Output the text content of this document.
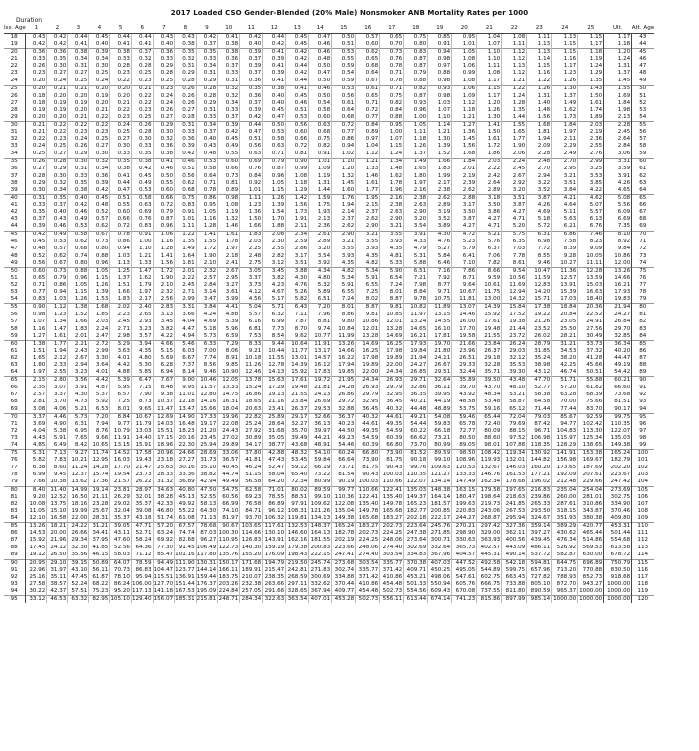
2017 Loaded CSO Gender-Blended (20% Male) Nonsmoker ANB Mortality Rates per 1000
Duration
Iss. Age	1	2	3	4	5	6	7	8	9	10	11	12	13	14	15	16	17	18	19	20	21	22	23	24	25	Ult.	Att. Age
18	0.43	0.42	0.44	0.45	0.44	0.44	0.43	0.43	0.42	0.41	0.42	0.44	0.45	0.47	0.50	0.57	0.65	0.75	0.85	0.95	1.04	1.08	1.11	1.13	1.15	1.17	43
19	0.42	0.42	0.41	0.40	0.41	0.41	0.40	0.38	0.37	0.38	0.40	0.42	0.45	0.46	0.51	0.60	0.70	0.80	0.91	1.01	1.07	1.11	1.13	1.15	1.17	1.18	44
20	0.36	0.36	0.38	0.39	0.38	0.37	0.36	0.35	0.35	0.38	0.39	0.41	0.42	0.46	0.53	0.62	0.73	0.83	0.94	1.05	1.10	1.12	1.13	1.15	1.18	1.20	45
21	0.33	0.35	0.34	0.34	0.33	0.32	0.33	0.32	0.33	0.36	0.37	0.39	0.42	0.48	0.55	0.65	0.76	0.87	0.98	1.08	1.10	1.12	1.14	1.16	1.19	1.24	46
22	0.26	0.30	0.31	0.30	0.28	0.28	0.29	0.31	0.34	0.37	0.39	0.41	0.44	0.50	0.59	0.68	0.78	0.87	0.97	1.06	1.11	1.13	1.15	1.17	1.24	1.31	47
23	0.23	0.27	0.27	0.25	0.23	0.25	0.28	0.29	0.31	0.33	0.37	0.39	0.42	0.47	0.54	0.64	0.71	0.79	0.88	0.99	1.08	1.12	1.16	1.23	1.29	1.37	48
24	0.20	0.24	0.25	0.24	0.22	0.23	0.25	0.28	0.29	0.31	0.36	0.41	0.44	0.50	0.59	0.67	0.78	0.88	0.98	1.08	1.17	1.21	1.22	1.26	1.35	1.45	49
25	0.20	0.21	0.21	0.20	0.20	0.21	0.23	0.26	0.28	0.32	0.35	0.38	0.41	0.46	0.53	0.61	0.71	0.82	0.93	1.06	1.15	1.22	1.26	1.30	1.43	1.55	50
26	0.18	0.20	0.20	0.19	0.20	0.22	0.24	0.26	0.28	0.32	0.36	0.40	0.45	0.50	0.56	0.65	0.75	0.87	0.98	1.09	1.17	1.24	1.31	1.37	1.50	1.69	51
27	0.18	0.19	0.19	0.20	0.21	0.22	0.24	0.26	0.29	0.34	0.37	0.40	0.46	0.54	0.61	0.71	0.82	0.93	1.03	1.12	1.20	1.28	1.40	1.49	1.61	1.84	52
28	0.19	0.19	0.20	0.21	0.22	0.23	0.26	0.27	0.31	0.33	0.39	0.45	0.51	0.58	0.64	0.72	0.84	0.96	1.07	1.18	1.26	1.35	1.48	1.62	1.74	1.98	53
29	0.20	0.20	0.21	0.22	0.23	0.25	0.27	0.28	0.33	0.37	0.42	0.47	0.53	0.60	0.68	0.77	0.88	1.00	1.10	1.21	1.30	1.44	1.56	1.73	1.89	2.13	54
30	0.21	0.22	0.22	0.22	0.24	0.26	0.29	0.31	0.34	0.39	0.44	0.50	0.56	0.63	0.72	0.84	0.95	1.05	1.14	1.27	1.41	1.55	1.68	1.84	2.03	2.28	55
31	0.21	0.22	0.23	0.23	0.25	0.28	0.30	0.33	0.37	0.42	0.47	0.53	0.60	0.68	0.77	0.89	1.00	1.11	1.21	1.36	1.50	1.65	1.81	1.97	2.19	2.45	56
32	0.22	0.23	0.24	0.25	0.27	0.30	0.32	0.36	0.40	0.45	0.51	0.58	0.66	0.75	0.86	0.97	1.07	1.18	1.30	1.45	1.61	1.77	1.94	2.11	2.36	2.64	57
33	0.24	0.25	0.26	0.27	0.30	0.33	0.36	0.39	0.43	0.49	0.56	0.63	0.72	0.82	0.94	1.04	1.15	1.26	1.39	1.56	1.72	1.90	2.09	2.29	2.55	2.84	58
34	0.25	0.27	0.29	0.30	0.33	0.35	0.38	0.42	0.48	0.55	0.63	0.71	0.81	0.91	1.02	1.12	1.24	1.37	1.52	1.68	1.86	2.06	2.28	2.49	2.76	3.06	59
35	0.26	0.28	0.30	0.32	0.35	0.38	0.41	0.46	0.53	0.60	0.69	0.79	0.90	1.01	1.10	1.21	1.34	1.49	1.66	1.84	2.03	2.24	2.48	2.70	2.99	3.31	60
36	0.27	0.29	0.31	0.34	0.38	0.42	0.46	0.51	0.58	0.66	0.76	0.87	0.99	1.09	1.20	1.33	1.48	1.65	1.83	2.01	2.22	2.45	2.70	2.95	3.25	3.59	61
37	0.28	0.30	0.33	0.36	0.41	0.45	0.50	0.56	0.64	0.73	0.84	0.96	1.08	1.19	1.32	1.46	1.62	1.80	1.99	2.19	2.42	2.67	2.94	3.21	3.53	3.91	62
38	0.29	0.32	0.35	0.39	0.44	0.49	0.55	0.62	0.71	0.81	0.92	1.05	1.18	1.31	1.45	1.61	1.78	1.97	2.17	2.39	2.64	2.92	3.22	3.51	3.85	4.26	63
39	0.30	0.34	0.38	0.42	0.47	0.53	0.60	0.68	0.78	0.89	1.01	1.15	1.29	1.44	1.60	1.77	1.96	2.16	2.38	2.62	2.89	3.20	3.52	3.84	4.22	4.65	64
40	0.31	0.35	0.40	0.45	0.51	0.58	0.66	0.75	0.86	0.98	1.11	1.26	1.42	1.59	1.76	1.95	2.16	2.38	2.62	2.88	3.18	3.51	3.87	4.21	4.62	5.08	65
41	0.33	0.37	0.42	0.48	0.55	0.63	0.72	0.83	0.95	1.08	1.23	1.39	1.56	1.75	1.94	2.15	2.38	2.63	2.89	3.17	3.50	3.87	4.26	4.64	5.07	5.56	66
42	0.35	0.40	0.46	0.52	0.60	0.69	0.79	0.91	1.05	1.19	1.36	1.54	1.73	1.93	2.14	2.37	2.63	2.90	3.19	3.50	3.86	4.27	4.69	5.11	5.57	6.09	67
43	0.37	0.43	0.49	0.57	0.66	0.76	0.87	1.01	1.16	1.32	1.50	1.70	1.91	2.13	2.37	2.62	2.90	3.20	3.52	3.87	4.27	4.71	5.18	5.63	6.13	6.69	68
44	0.39	0.46	0.53	0.62	0.72	0.83	0.96	1.11	1.28	1.46	1.66	1.88	2.11	2.36	2.62	2.90	3.21	3.54	3.89	4.27	4.71	5.20	5.72	6.21	6.76	7.35	69
45	0.42	0.49	0.58	0.67	0.78	0.91	1.06	1.22	1.41	1.61	1.83	2.08	2.34	2.61	2.90	3.21	3.55	3.91	4.30	4.72	5.21	5.75	6.31	6.86	7.46	8.10	70
46	0.45	0.53	0.62	0.73	0.86	1.00	1.16	1.35	1.55	1.78	2.03	2.30	2.59	2.89	3.21	3.55	3.93	4.33	4.76	5.23	5.76	6.35	6.98	7.58	8.23	8.92	71
47	0.48	0.57	0.68	0.80	0.94	1.10	1.28	1.49	1.72	1.97	2.25	2.55	2.86	3.20	3.55	3.93	4.35	4.79	5.27	5.79	6.37	7.03	7.72	8.39	9.09	9.84	72
48	0.52	0.62	0.74	0.88	1.03	1.21	1.41	1.64	1.90	2.18	2.48	2.82	3.17	3.54	3.93	4.35	4.81	5.31	5.84	6.41	7.06	7.78	8.55	9.28	10.05	10.86	73
49	0.56	0.67	0.80	0.96	1.13	1.33	1.56	1.81	2.10	2.41	2.75	3.12	3.51	3.92	4.35	4.82	5.33	5.88	6.46	7.10	7.82	8.61	9.46	10.27	11.11	12.00	74
50	0.60	0.73	0.88	1.05	1.25	1.47	1.72	2.01	2.32	2.67	3.05	3.45	3.88	4.34	4.82	5.34	5.90	6.51	7.16	7.86	8.66	9.54	10.47	11.36	12.28	13.26	75
51	0.65	0.79	0.96	1.15	1.37	1.62	1.90	2.22	2.57	2.95	3.37	3.82	4.30	4.80	5.34	5.91	6.54	7.21	7.92	8.71	9.59	10.56	11.59	12.57	13.59	14.66	76
52	0.71	0.86	1.05	1.26	1.51	1.79	2.10	2.45	2.84	3.27	3.73	4.23	4.76	5.32	5.91	6.55	7.24	7.98	8.77	9.64	10.61	11.69	12.83	13.91	15.03	16.21	77
53	0.77	0.94	1.15	1.39	1.66	1.97	2.32	2.71	3.14	3.61	4.12	4.67	5.26	5.89	6.55	7.25	8.01	8.84	9.71	10.67	11.75	12.94	14.20	15.39	16.63	17.93	78
54	0.83	1.03	1.26	1.53	1.83	2.17	2.56	2.99	3.47	3.99	4.56	5.17	5.82	6.51	7.24	8.02	8.87	9.78	10.75	11.81	13.00	14.32	15.71	17.03	18.40	19.83	79
55	0.90	1.12	1.38	1.68	2.02	2.40	2.83	3.31	3.84	4.41	5.04	5.71	6.43	7.20	8.01	8.87	9.81	10.82	11.89	13.07	14.39	15.84	17.38	18.84	20.36	21.94	80
56	0.98	1.23	1.52	1.85	2.23	2.65	3.13	3.66	4.24	4.88	5.57	6.32	7.11	7.96	8.86	9.81	10.85	11.97	13.15	14.46	15.92	17.52	19.22	20.84	22.52	24.27	81
57	1.07	1.34	1.66	2.03	2.45	2.93	3.45	4.04	4.69	5.39	6.16	6.99	7.87	8.81	9.80	10.86	12.01	13.24	14.55	16.00	17.61	19.38	21.26	23.05	24.91	26.84	82
58	1.16	1.47	1.83	2.24	2.71	3.23	3.82	4.47	5.18	5.96	6.81	7.73	8.70	9.74	10.84	12.01	13.28	14.65	16.10	17.70	19.48	21.44	23.52	25.50	27.56	29.70	83
59	1.27	1.61	2.01	2.47	2.98	3.57	4.22	4.94	5.73	6.59	7.53	8.54	9.62	10.77	11.99	13.28	14.69	16.21	17.81	19.58	21.55	23.72	26.02	28.21	30.49	32.85	84
60	1.38	1.77	2.21	2.72	3.29	3.94	4.66	5.46	6.33	7.29	8.33	9.44	10.64	11.91	13.26	14.69	16.25	17.93	19.70	21.66	23.84	26.24	28.79	31.21	33.73	36.34	85
61	1.51	1.94	2.43	2.99	3.63	4.35	5.15	6.03	7.00	8.06	9.21	10.44	11.77	13.17	14.66	16.25	17.98	19.84	21.80	23.96	26.37	29.03	31.85	34.53	37.32	40.20	86
62	1.65	2.12	2.67	3.30	4.01	4.80	5.69	6.67	7.74	8.91	10.18	11.55	13.01	14.57	16.22	17.98	19.89	21.94	24.11	26.51	29.18	32.12	35.24	38.20	41.28	44.47	87
63	1.80	2.33	2.94	3.64	4.42	5.30	6.28	7.37	8.56	9.85	11.26	12.78	14.39	16.12	17.94	19.89	22.00	24.27	26.67	29.33	32.28	35.53	38.98	42.25	45.66	49.19	88
64	1.97	2.55	3.23	4.01	4.88	5.85	6.94	8.14	9.46	10.90	12.46	14.13	15.92	17.83	19.85	22.00	24.34	26.85	29.51	32.44	35.71	39.30	43.12	46.74	50.51	54.42	89
65	2.15	2.80	3.56	4.42	5.39	6.47	7.67	9.00	10.46	12.05	13.78	15.63	17.61	19.72	21.95	24.34	26.93	29.71	32.64	35.89	39.50	43.48	47.70	51.71	55.88	60.21	90
66	2.35	3.07	3.91	4.87	5.95	7.15	8.48	9.95	11.57	13.33	15.24	17.29	19.48	21.81	24.28	26.93	29.79	32.86	36.11	39.70	43.70	48.10	52.77	57.20	61.82	66.60	91
67	2.57	3.37	4.30	5.37	6.57	7.90	9.38	11.01	12.80	14.75	16.86	19.13	21.55	24.13	26.86	29.79	32.95	36.35	39.95	43.92	48.34	53.21	58.38	63.28	68.39	73.68	92
68	2.81	3.70	4.73	5.92	7.25	8.73	10.37	12.18	14.16	16.31	18.65	21.16	23.84	26.69	29.72	32.95	36.45	40.21	44.19	48.58	53.48	58.87	64.58	70.00	75.66	81.51	93
69	3.08	4.06	5.21	6.53	8.01	9.65	11.47	13.47	15.66	18.04	20.63	23.41	26.37	29.53	32.88	36.45	40.32	44.48	48.89	53.75	59.16	65.12	71.44	77.44	83.70	90.17	94
70	3.37	4.46	5.73	7.20	8.84	10.67	12.69	14.90	17.33	19.96	22.82	25.89	29.17	32.66	36.37	40.32	44.61	49.21	54.08	59.46	65.44	72.04	79.03	85.67	92.59	99.75	95
71	3.69	4.90	6.31	7.94	9.77	11.79	14.03	16.48	19.17	22.08	25.24	28.64	32.27	36.13	40.23	44.61	49.35	54.44	59.83	65.78	72.40	79.69	87.42	94.77	102.42	110.35	96
72	4.04	5.38	6.95	8.76	10.79	13.03	15.51	18.23	21.20	24.43	27.92	31.68	35.70	39.97	44.50	49.35	54.59	60.22	66.18	72.77	80.09	88.15	96.71	104.83	113.30	122.07	97
73	4.43	5.91	7.65	9.66	11.91	14.40	17.15	20.16	23.45	27.02	30.89	35.05	39.49	44.21	49.23	54.59	60.39	66.62	73.21	80.50	88.60	97.52	106.98	115.97	125.34	135.03	98
74	4.85	6.49	8.42	10.65	13.15	15.91	18.96	22.30	25.94	29.89	34.17	38.77	43.68	48.91	54.46	60.39	66.80	73.70	80.99	89.05	98.01	107.88	118.35	128.29	138.65	149.38	99
75	5.31	7.13	9.27	11.74	14.52	17.58	20.96	24.66	28.69	33.06	37.80	42.88	48.32	54.10	60.24	66.80	73.90	81.52	89.59	98.50	108.42	119.34	130.92	141.91	153.38	165.24	100
76	5.82	7.83	10.21	12.95	16.03	19.43	23.18	27.27	31.73	36.57	41.81	47.43	53.45	59.84	66.64	73.90	81.75	90.18	99.10	108.96	119.93	132.01	144.82	156.98	169.67	182.79	101
77	6.38	8.60	11.24	14.28	17.70	21.47	25.63	30.16	35.10	40.45	46.24	52.47	59.12	66.19	73.71	81.75	90.43	99.76	109.63	120.53	132.67	146.03	160.20	173.65	187.69	202.20	102
78	6.99	9.45	12.37	15.74	19.54	23.73	28.33	33.36	38.82	44.74	51.15	58.04	65.40	73.22	81.54	90.43	100.03	110.35	121.27	133.33	146.76	161.53	177.21	192.09	207.61	223.67	103
79	7.66	10.38	13.62	17.36	21.57	26.22	31.32	36.89	42.94	49.49	56.58	64.20	72.34	80.99	90.19	100.03	110.66	122.07	134.14	147.49	162.34	178.68	196.02	212.48	229.66	247.42	104
80	8.40	11.40	14.99	19.14	23.81	28.97	34.63	40.80	47.50	54.75	62.58	71.01	80.02	89.59	99.77	110.66	122.41	135.03	148.38	163.15	179.58	197.65	216.83	235.04	254.04	273.69	105
81	9.20	12.52	16.50	21.11	26.29	32.01	38.28	45.13	52.55	60.56	69.23	78.55	88.51	99.10	110.36	122.41	135.40	149.37	164.14	180.47	198.64	218.63	239.86	260.00	281.01	302.75	106
82	10.08	13.75	18.16	23.28	29.02	35.37	42.33	49.92	58.13	66.99	76.58	86.89	97.91	109.62	122.08	135.40	149.78	165.23	181.57	199.63	219.73	241.85	265.33	287.61	310.86	334.90	107
83	11.05	15.10	19.99	25.67	32.04	39.08	46.80	55.22	64.30	74.10	84.71	96.12	108.31	121.26	135.04	149.78	165.68	182.77	200.85	220.83	243.06	267.53	293.50	318.15	343.87	370.46	108
84	12.10	16.58	22.00	28.31	35.37	43.18	51.74	61.08	71.13	81.97	93.70	106.32	119.81	134.13	149.38	165.68	183.27	202.18	222.17	244.27	268.87	295.94	324.67	351.93	380.38	409.80	109
85	13.26	18.21	24.22	31.21	39.05	47.71	57.20	67.57	78.68	90.67	103.65	117.61	132.53	148.37	165.24	183.27	202.73	223.64	245.76	270.21	297.42	327.36	359.14	389.29	420.77	453.31	110
86	14.53	20.00	26.66	34.41	43.11	52.71	63.24	74.74	87.03	100.30	114.66	130.10	146.60	164.13	182.78	202.73	224.25	247.38	271.85	298.90	329.00	362.11	397.27	430.62	465.44	501.44	111
87	15.92	21.96	29.34	37.95	47.60	58.24	69.92	82.68	96.27	110.95	126.83	143.91	162.16	181.55	202.19	224.25	248.06	273.64	300.71	330.63	363.93	400.56	439.45	476.34	514.86	554.68	112
88	17.45	24.12	32.30	41.85	52.56	64.36	77.30	91.45	106.49	122.73	140.30	159.19	179.38	200.83	223.66	248.06	274.40	302.69	332.64	365.73	402.57	443.09	486.11	526.92	569.53	613.58	113
89	19.12	26.50	35.56	46.15	58.03	71.12	85.47	101.16	117.80	135.76	155.20	176.09	198.43	222.15	247.41	274.40	303.54	334.83	367.96	404.57	445.31	490.14	537.72	582.87	630.00	678.72	114
90	20.95	29.10	39.15	50.89	64.07	78.59	94.49	111.90	130.31	150.17	171.68	194.79	219.50	245.74	273.68	303.54	335.77	370.38	407.03	447.52	492.58	542.18	594.81	644.75	696.89	750.79	115
91	22.96	31.97	43.10	56.11	70.73	86.83	104.47	123.77	144.14	166.11	189.91	215.47	242.81	271.83	302.74	335.77	371.42	409.71	450.25	495.05	544.89	599.75	657.96	713.20	770.88	830.50	116
92	25.16	35.11	47.45	61.87	78.10	95.94	115.51	136.91	159.44	183.75	210.07	238.35	268.59	300.69	334.88	371.42	410.86	453.21	498.06	547.61	602.75	663.43	727.82	788.93	852.73	918.68	117
93	27.58	38.57	52.24	68.22	86.24	106.00	127.70	151.44	176.37	203.26	232.38	263.66	297.11	332.62	370.44	410.86	454.48	501.33	550.94	605.76	666.75	733.88	805.10	872.70	943.27	1000.00	118
94	30.22	42.37	57.51	75.23	95.20	117.13	141.18	167.53	195.09	224.84	257.05	291.66	328.65	367.94	409.77	454.48	502.73	554.56	609.43	670.08	737.55	811.80	890.59	965.37	1000.00	1000.00	119
95	33.12	46.53	63.32	82.95	105.10	129.40	156.07	185.31	215.81	248.71	284.34	322.63	363.54	407.01	453.28	502.73	556.11	613.44	674.14	741.23	815.86	897.99	985.14	1000.00	1000.00	1000.00	120
